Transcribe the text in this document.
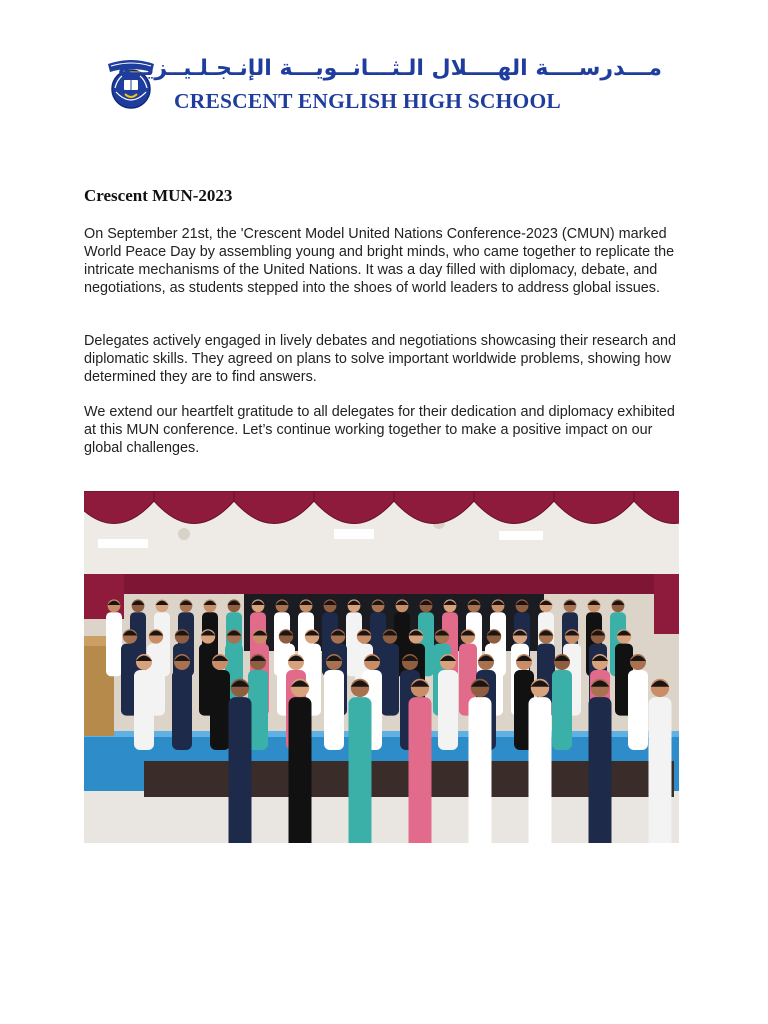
مـــدرســــة الهــــلال الـثـــانــويـــة الإنـجـلـيــزيــة
CRESCENT ENGLISH HIGH SCHOOL
Crescent MUN-2023

On September 21st, the 'Crescent Model United Nations Conference-2023 (CMUN) marked World Peace Day by assembling young and bright minds, who came together to replicate the intricate mechanisms of the United Nations. It was a day filled with diplomacy, debate, and negotiations, as students stepped into the shoes of world leaders to address global issues.

Delegates actively engaged in lively debates and negotiations showcasing their research and diplomatic skills. They agreed on plans to solve important worldwide problems, showing how determined they are to find answers.

We extend our heartfelt gratitude to all delegates for their dedication and diplomacy exhibited at this MUN conference. Let’s continue working together to make a positive impact on our global challenges.
